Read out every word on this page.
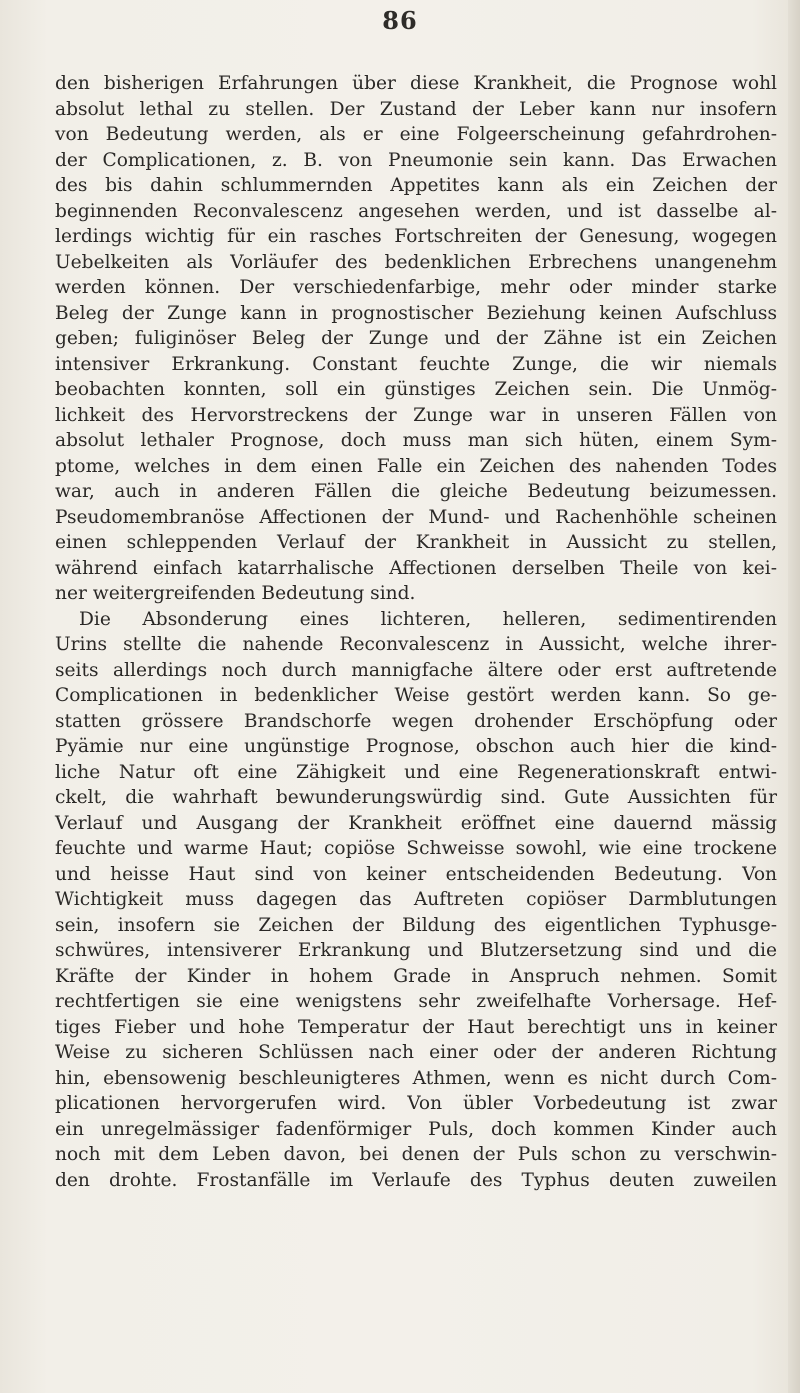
86
den bisherigen Erfahrungen über diese Krankheit, die Prognose wohl
absolut lethal zu stellen. Der Zustand der Leber kann nur insofern
von Bedeutung werden, als er eine Folgeerscheinung gefahrdrohen-
der Complicationen, z. B. von Pneumonie sein kann. Das Erwachen
des bis dahin schlummernden Appetites kann als ein Zeichen der
beginnenden Reconvalescenz angesehen werden, und ist dasselbe al-
lerdings wichtig für ein rasches Fortschreiten der Genesung, wogegen
Uebelkeiten als Vorläufer des bedenklichen Erbrechens unangenehm
werden können. Der verschiedenfarbige, mehr oder minder starke
Beleg der Zunge kann in prognostischer Beziehung keinen Aufschluss
geben; fuliginöser Beleg der Zunge und der Zähne ist ein Zeichen
intensiver Erkrankung. Constant feuchte Zunge, die wir niemals
beobachten konnten, soll ein günstiges Zeichen sein. Die Unmög-
lichkeit des Hervorstreckens der Zunge war in unseren Fällen von
absolut lethaler Prognose, doch muss man sich hüten, einem Sym-
ptome, welches in dem einen Falle ein Zeichen des nahenden Todes
war, auch in anderen Fällen die gleiche Bedeutung beizumessen.
Pseudomembranöse Affectionen der Mund- und Rachenhöhle scheinen
einen schleppenden Verlauf der Krankheit in Aussicht zu stellen,
während einfach katarrhalische Affectionen derselben Theile von kei-
ner weitergreifenden Bedeutung sind.
Die Absonderung eines lichteren, helleren, sedimentirenden
Urins stellte die nahende Reconvalescenz in Aussicht, welche ihrer-
seits allerdings noch durch mannigfache ältere oder erst auftretende
Complicationen in bedenklicher Weise gestört werden kann. So ge-
statten grössere Brandschorfe wegen drohender Erschöpfung oder
Pyämie nur eine ungünstige Prognose, obschon auch hier die kind-
liche Natur oft eine Zähigkeit und eine Regenerationskraft entwi-
ckelt, die wahrhaft bewunderungswürdig sind. Gute Aussichten für
Verlauf und Ausgang der Krankheit eröffnet eine dauernd mässig
feuchte und warme Haut; copiöse Schweisse sowohl, wie eine trockene
und heisse Haut sind von keiner entscheidenden Bedeutung. Von
Wichtigkeit muss dagegen das Auftreten copiöser Darmblutungen
sein, insofern sie Zeichen der Bildung des eigentlichen Typhusge-
schwüres, intensiverer Erkrankung und Blutzersetzung sind und die
Kräfte der Kinder in hohem Grade in Anspruch nehmen. Somit
rechtfertigen sie eine wenigstens sehr zweifelhafte Vorhersage. Hef-
tiges Fieber und hohe Temperatur der Haut berechtigt uns in keiner
Weise zu sicheren Schlüssen nach einer oder der anderen Richtung
hin, ebensowenig beschleunigteres Athmen, wenn es nicht durch Com-
plicationen hervorgerufen wird. Von übler Vorbedeutung ist zwar
ein unregelmässiger fadenförmiger Puls, doch kommen Kinder auch
noch mit dem Leben davon, bei denen der Puls schon zu verschwin-
den drohte. Frostanfälle im Verlaufe des Typhus deuten zuweilen
